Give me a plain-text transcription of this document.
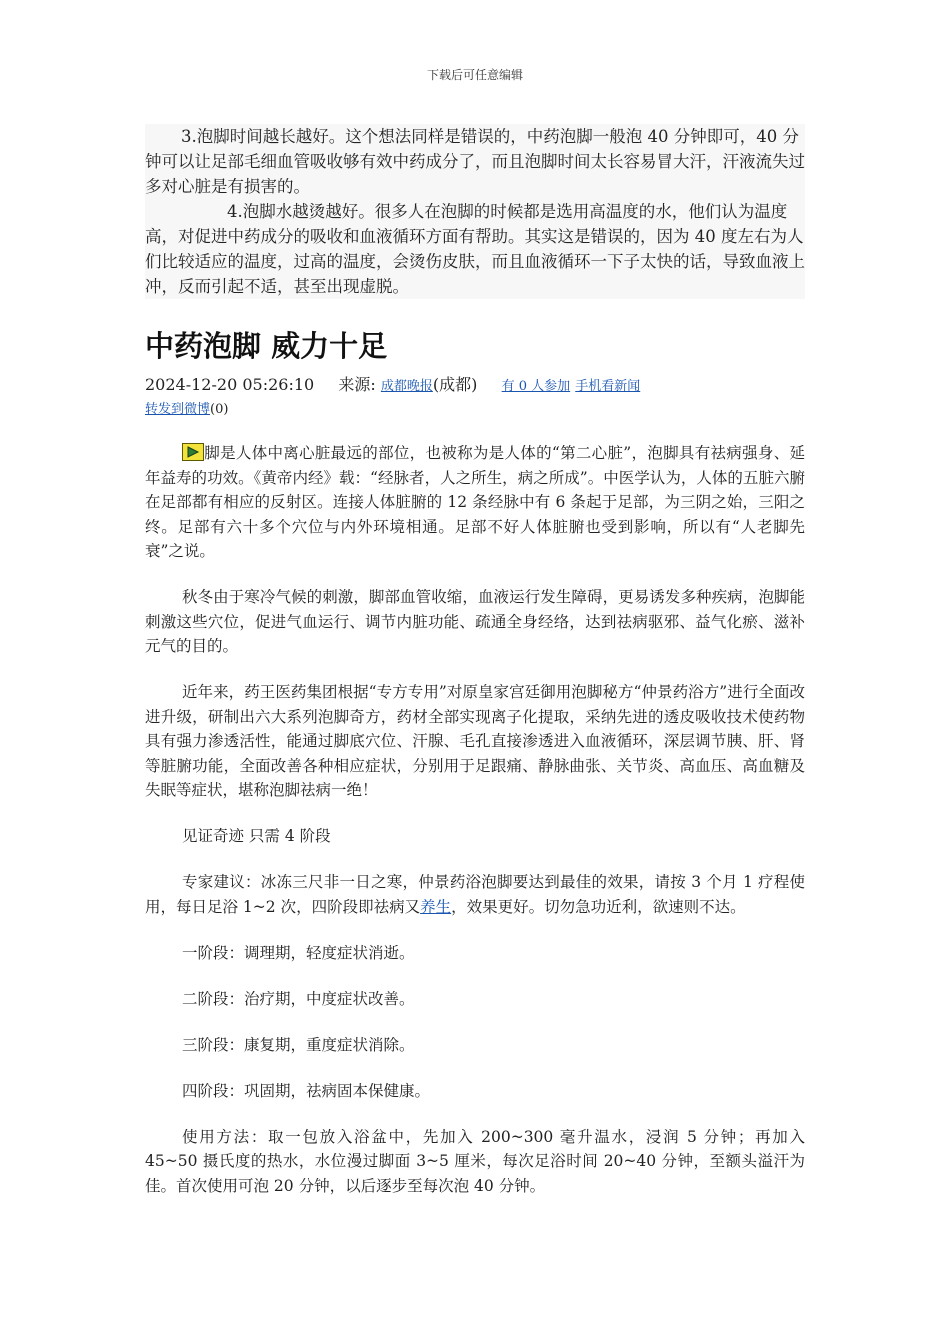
下载后可任意编辑

3.泡脚时间越长越好。这个想法同样是错误的，中药泡脚一般泡 40 分钟即可，40 分钟可以让足部毛细血管吸收够有效中药成分了，而且泡脚时间太长容易冒大汗，汗液流失过多对心脏是有损害的。

4.泡脚水越烫越好。很多人在泡脚的时候都是选用高温度的水，他们认为温度高，对促进中药成分的吸收和血液循环方面有帮助。其实这是错误的，因为 40 度左右为人们比较适应的温度，过高的温度，会烫伤皮肤，而且血液循环一下子太快的话，导致血液上冲，反而引起不适，甚至出现虚脱。

中药泡脚 威力十足
2024-12-20 05:26:10 来源: 成都晚报(成都) 有 0 人参加 手机看新闻
转发到微博(0)

脚是人体中离心脏最远的部位，也被称为是人体的“第二心脏”，泡脚具有祛病强身、延年益寿的功效。《黄帝内经》载：“经脉者，人之所生，病之所成”。中医学认为，人体的五脏六腑在足部都有相应的反射区。连接人体脏腑的 12 条经脉中有 6 条起于足部，为三阴之始，三阳之终。足部有六十多个穴位与内外环境相通。足部不好人体脏腑也受到影响，所以有“人老脚先衰”之说。

秋冬由于寒冷气候的刺激，脚部血管收缩，血液运行发生障碍，更易诱发多种疾病，泡脚能刺激这些穴位，促进气血运行、调节内脏功能、疏通全身经络，达到祛病驱邪、益气化瘀、滋补元气的目的。

近年来，药王医药集团根据“专方专用”对原皇家宫廷御用泡脚秘方“仲景药浴方”进行全面改进升级，研制出六大系列泡脚奇方，药材全部实现离子化提取，采纳先进的透皮吸收技术使药物具有强力渗透活性，能通过脚底穴位、汗腺、毛孔直接渗透进入血液循环，深层调节胰、肝、肾等脏腑功能，全面改善各种相应症状，分别用于足跟痛、静脉曲张、关节炎、高血压、高血糖及失眠等症状，堪称泡脚祛病一绝！

见证奇迹 只需 4 阶段

专家建议：冰冻三尺非一日之寒，仲景药浴泡脚要达到最佳的效果，请按 3 个月 1 疗程使用，每日足浴 1~2 次，四阶段即祛病又养生，效果更好。切勿急功近利，欲速则不达。

一阶段：调理期，轻度症状消逝。

二阶段：治疗期，中度症状改善。

三阶段：康复期，重度症状消除。

四阶段：巩固期，祛病固本保健康。

使用方法：取一包放入浴盆中，先加入 200~300 毫升温水，浸润 5 分钟；再加入 45~50 摄氏度的热水，水位漫过脚面 3~5 厘米，每次足浴时间 20~40 分钟，至额头溢汗为佳。首次使用可泡 20 分钟，以后逐步至每次泡 40 分钟。
